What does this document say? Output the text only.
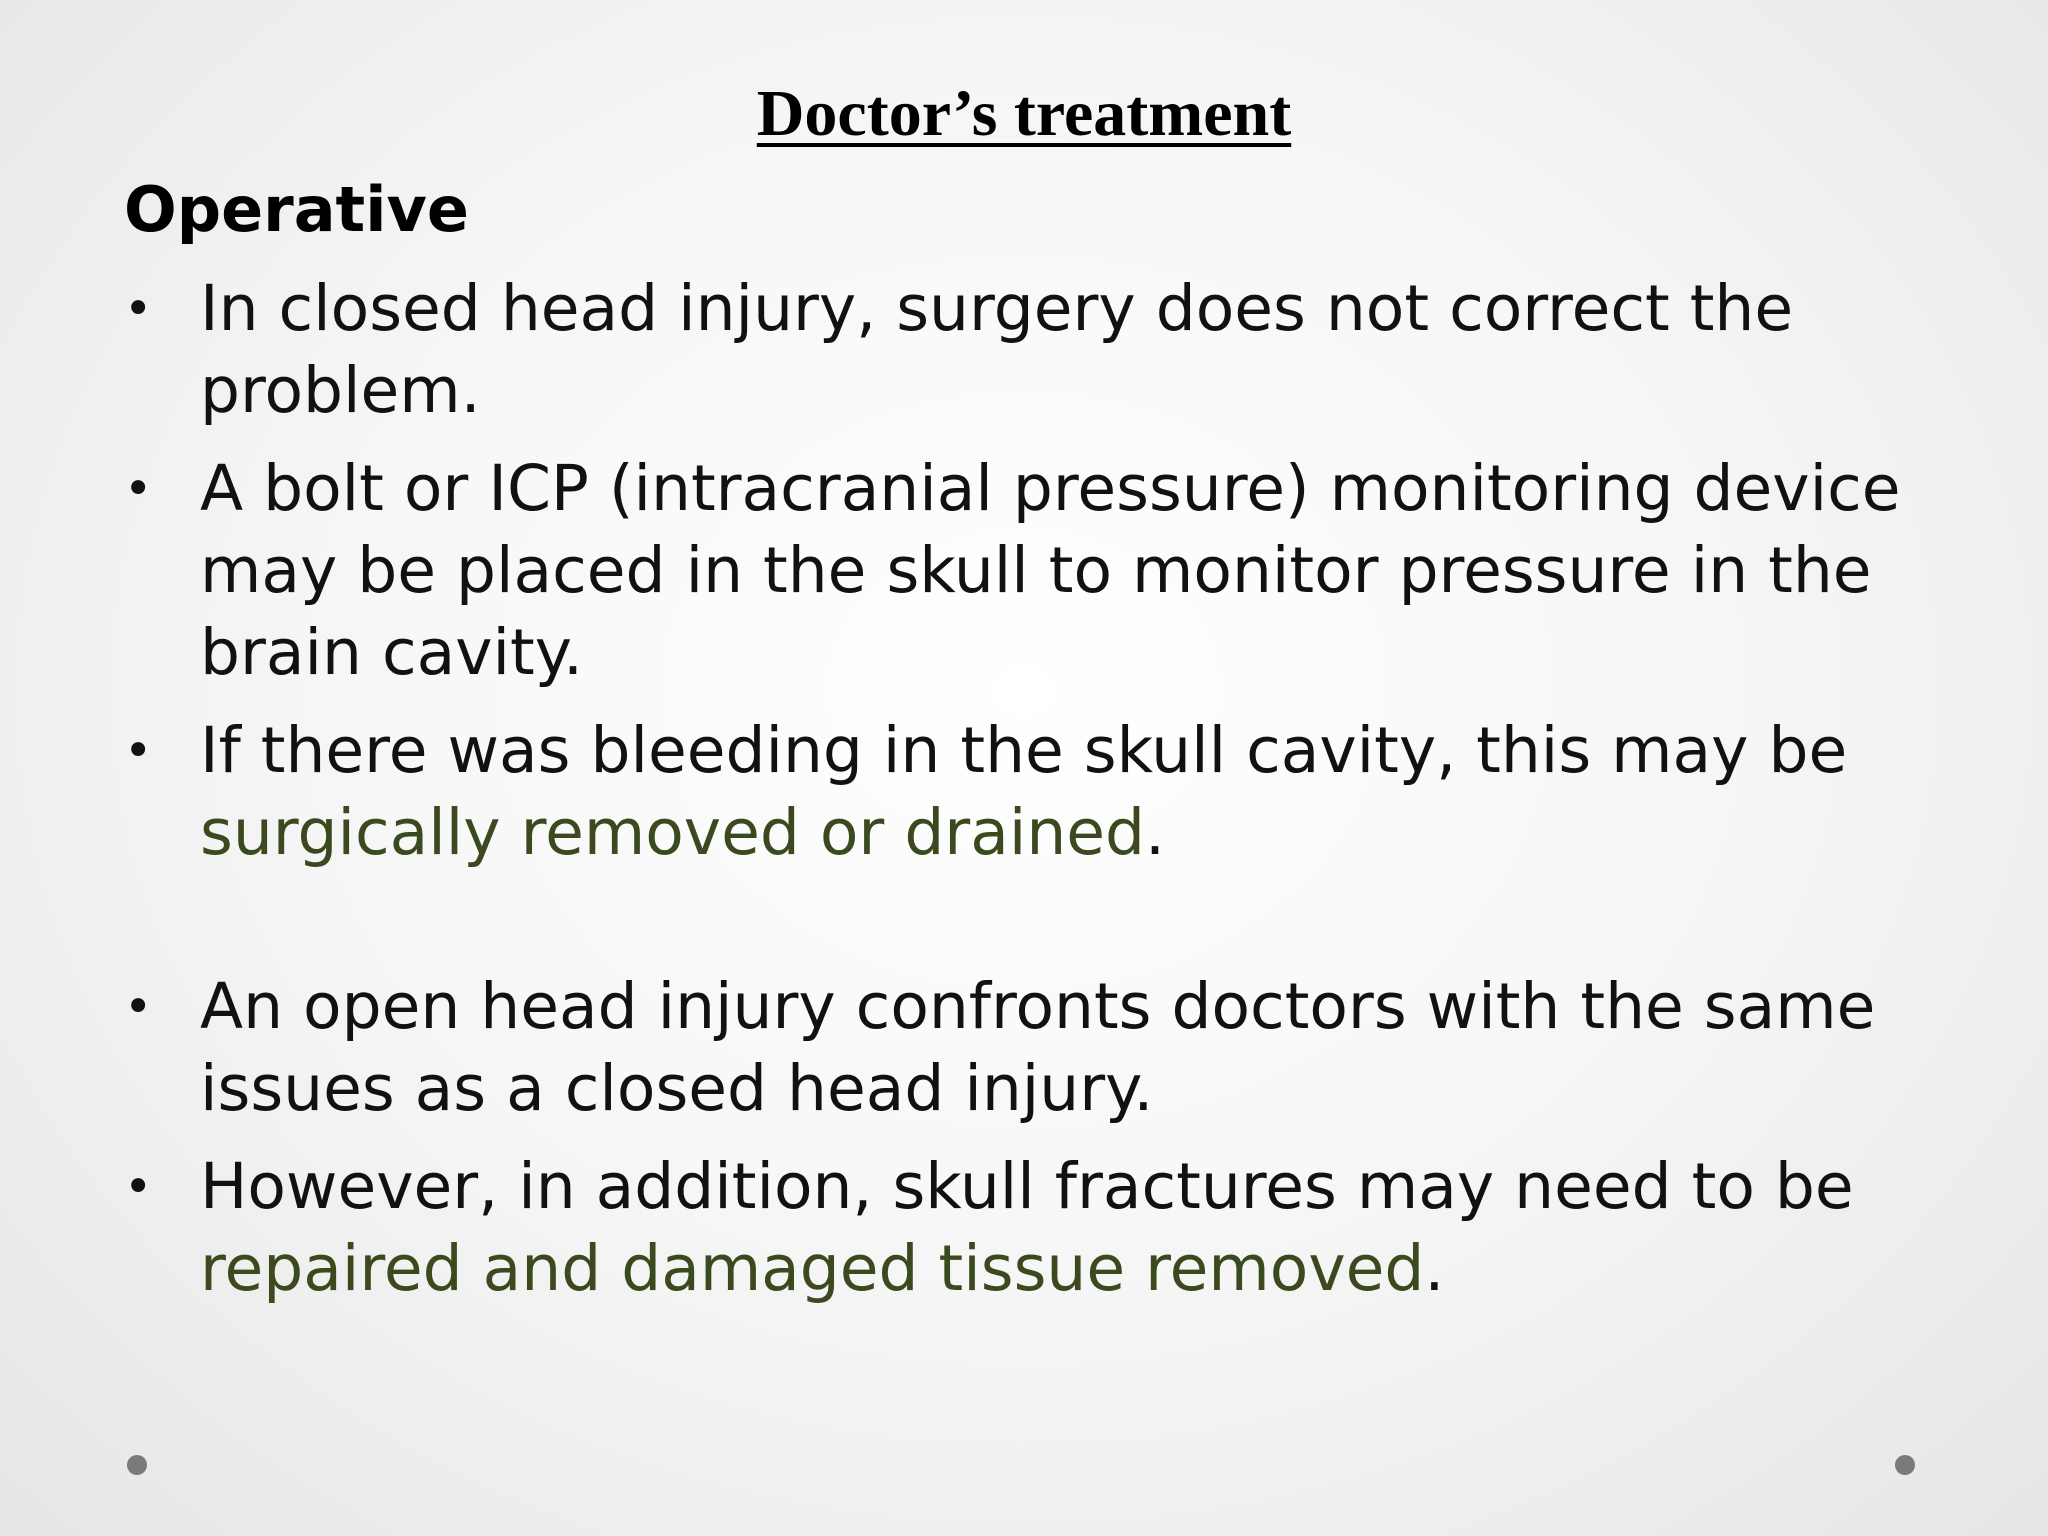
Doctor’s treatment
Operative
• In closed head injury, surgery does not correct the problem.
• A bolt or ICP (intracranial pressure) monitoring device may be placed in the skull to monitor pressure in the brain cavity.
• If there was bleeding in the skull cavity, this may be surgically removed or drained.
• An open head injury confronts doctors with the same issues as a closed head injury.
• However, in addition, skull fractures may need to be repaired and damaged tissue removed.
